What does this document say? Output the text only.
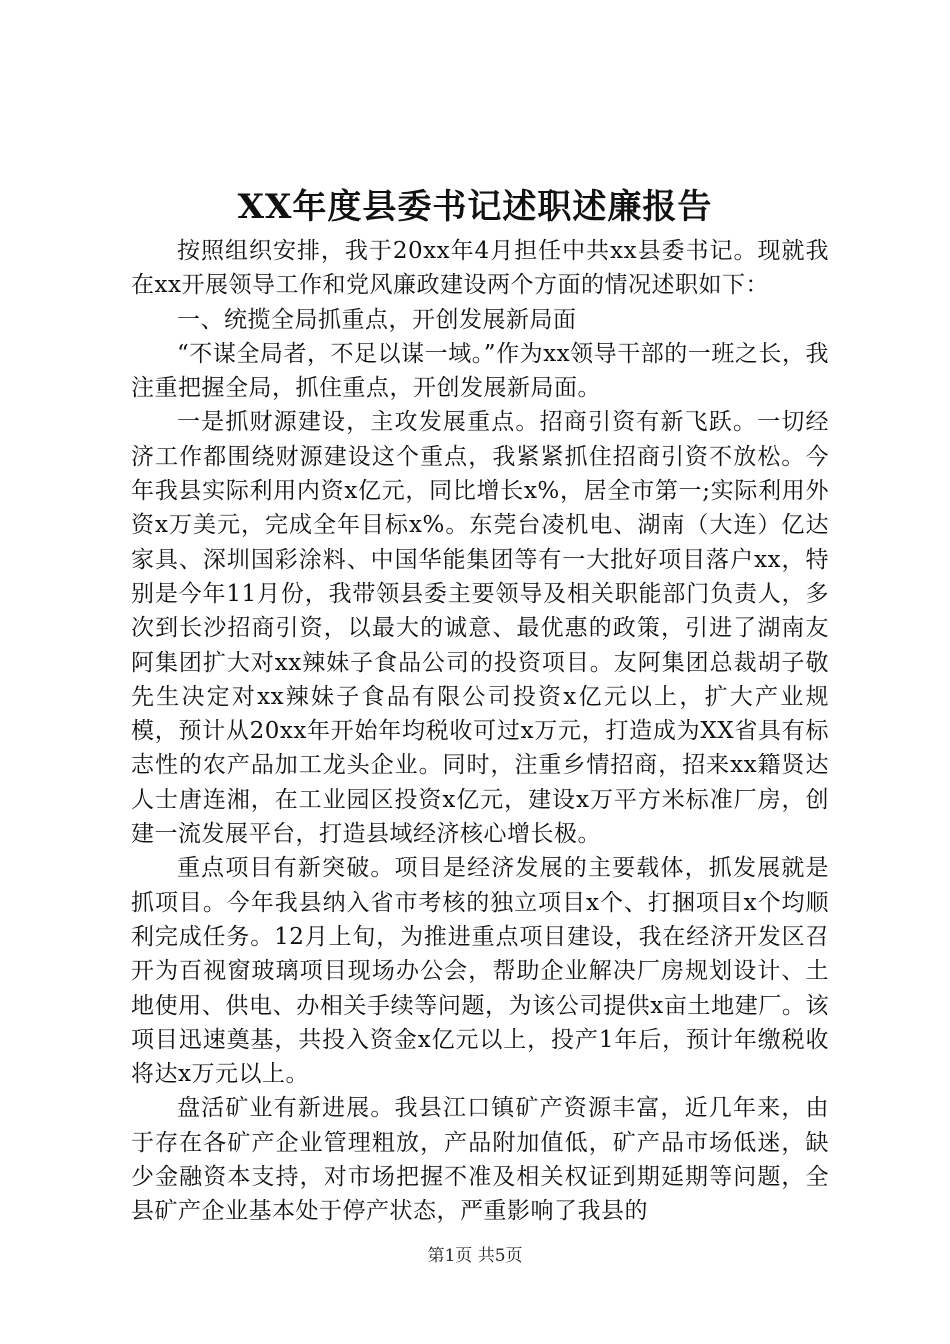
XX年度县委书记述职述廉报告

按照组织安排，我于20xx年4月担任中共xx县委书记。现就我在xx开展领导工作和党风廉政建设两个方面的情况述职如下：

一、统揽全局抓重点，开创发展新局面

“不谋全局者，不足以谋一域。”作为xx领导干部的一班之长，我注重把握全局，抓住重点，开创发展新局面。

一是抓财源建设，主攻发展重点。招商引资有新飞跃。一切经济工作都围绕财源建设这个重点，我紧紧抓住招商引资不放松。今年我县实际利用内资x亿元，同比增长x%，居全市第一;实际利用外资x万美元，完成全年目标x%。东莞台凌机电、湖南（大连）亿达家具、深圳国彩涂料、中国华能集团等有一大批好项目落户xx，特别是今年11月份，我带领县委主要领导及相关职能部门负责人，多次到长沙招商引资，以最大的诚意、最优惠的政策，引进了湖南友阿集团扩大对xx辣妹子食品公司的投资项目。友阿集团总裁胡子敬先生决定对xx辣妹子食品有限公司投资x亿元以上，扩大产业规模，预计从20xx年开始年均税收可过x万元，打造成为XX省具有标志性的农产品加工龙头企业。同时，注重乡情招商，招来xx籍贤达人士唐连湘，在工业园区投资x亿元，建设x万平方米标准厂房，创建一流发展平台，打造县域经济核心增长极。

重点项目有新突破。项目是经济发展的主要载体，抓发展就是抓项目。今年我县纳入省市考核的独立项目x个、打捆项目x个均顺利完成任务。12月上旬，为推进重点项目建设，我在经济开发区召开为百视窗玻璃项目现场办公会，帮助企业解决厂房规划设计、土地使用、供电、办相关手续等问题，为该公司提供x亩土地建厂。该项目迅速奠基，共投入资金x亿元以上，投产1年后，预计年缴税收将达x万元以上。

盘活矿业有新进展。我县江口镇矿产资源丰富，近几年来，由于存在各矿产企业管理粗放，产品附加值低，矿产品市场低迷，缺少金融资本支持，对市场把握不准及相关权证到期延期等问题，全县矿产企业基本处于停产状态，严重影响了我县的

第1页 共5页
